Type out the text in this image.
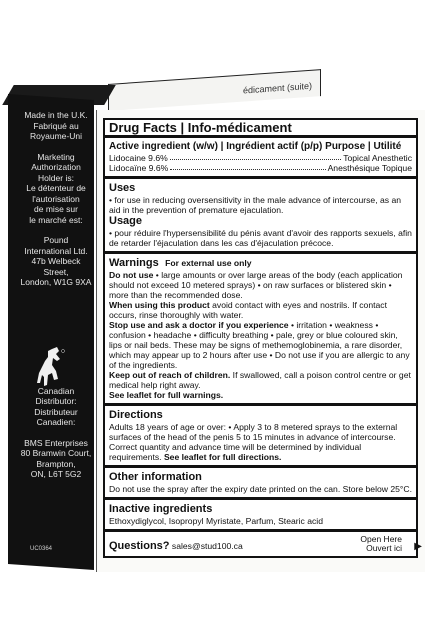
édicament (suite)
Made in the U.K.
Fabriqué au
Royaume-Uni
Marketing
Authorization
Holder is:
Le détenteur de
l'autorisation
de mise sur
le marché est:
Pound
International Ltd.
47b Welbeck Street,
London, W1G 9XA
Canadian Distributor:
Distributeur Canadien:
BMS Enterprises
80 Bramwin Court,
Brampton,
ON, L6T 5G2
UC0364
Drug Facts | Info-médicament
Active ingredient (w/w) | Ingrédient actif (p/p) Purpose | Utilité
Lidocaine 9.6%	Topical Anesthetic
Lidocaïne 9.6%	Anesthésique Topique
Uses
• for use in reducing oversensitivity in the male advance of intercourse, as an aid in the prevention of premature ejaculation.
Usage
• pour réduire l'hypersensibilité du pénis avant d'avoir des rapports sexuels, afin de retarder l'éjaculation dans les cas d'éjaculation précoce.
Warnings For external use only
Do not use • large amounts or over large areas of the body (each application should not exceed 10 metered sprays) • on raw surfaces or blistered skin • more than the recommended dose.
When using this product avoid contact with eyes and nostrils. If contact occurs, rinse thoroughly with water.
Stop use and ask a doctor if you experience • irritation • weakness • confusion • headache • difficulty breathing • pale, grey or blue coloured skin, lips or nail beds. These may be signs of methemoglobinemia, a rare disorder, which may appear up to 2 hours after use • Do not use if you are allergic to any of the ingredients.
Keep out of reach of children. If swallowed, call a poison control centre or get medical help right away.
See leaflet for full warnings.
Directions
Adults 18 years of age or over: • Apply 3 to 8 metered sprays to the external surfaces of the head of the penis 5 to 15 minutes in advance of intercourse. Correct quantity and advance time will be determined by individual requirements. See leaflet for full directions.
Other information
Do not use the spray after the expiry date printed on the can. Store below 25°C.
Inactive ingredients
Ethoxydiglycol, Isopropyl Myristate, Parfum, Stearic acid
Questions? sales@stud100.ca
Open Here
Ouvert ici ▶
